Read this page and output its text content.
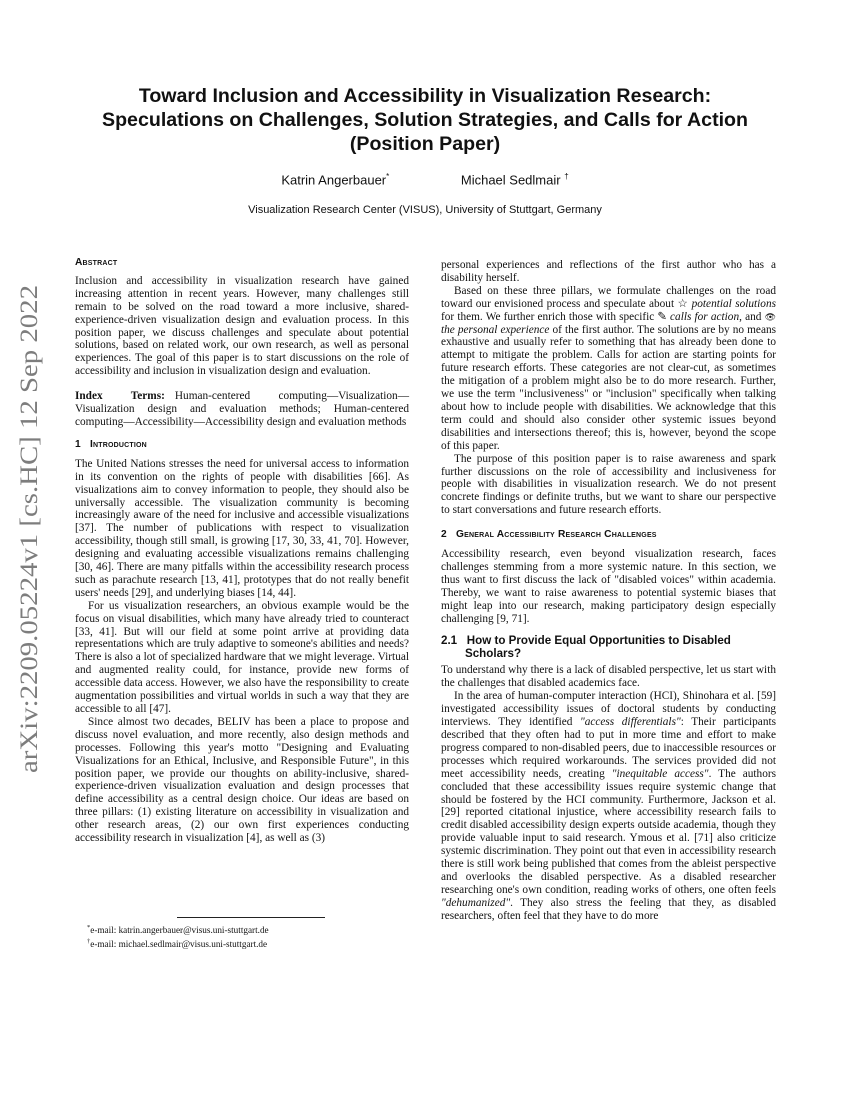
arXiv:2209.05224v1 [cs.HC] 12 Sep 2022
Toward Inclusion and Accessibility in Visualization Research:
Speculations on Challenges, Solution Strategies, and Calls for Action
(Position Paper)
Katrin Angerbauer*	Michael Sedlmair †
Visualization Research Center (VISUS), University of Stuttgart, Germany
Abstract

Inclusion and accessibility in visualization research have gained increasing attention in recent years. However, many challenges still remain to be solved on the road toward a more inclusive, shared-experience-driven visualization design and evaluation process. In this position paper, we discuss challenges and speculate about potential solutions, based on related work, our own research, as well as personal experiences. The goal of this paper is to start discussions on the role of accessibility and inclusion in visualization design and evaluation.

Index Terms: Human-centered computing—Visualization—Visualization design and evaluation methods; Human-centered computing—Accessibility—Accessibility design and evaluation methods

1 Introduction

The United Nations stresses the need for universal access to information in its convention on the rights of people with disabilities [66]. As visualizations aim to convey information to people, they should also be universally accessible. The visualization community is becoming increasingly aware of the need for inclusive and accessible visualizations [37]. The number of publications with respect to visualization accessibility, though still small, is growing [17, 30, 33, 41, 70]. However, designing and evaluating accessible visualizations remains challenging [30, 46]. There are many pitfalls within the accessibility research process such as parachute research [13, 41], prototypes that do not really benefit users' needs [29], and underlying biases [14, 44].

For us visualization researchers, an obvious example would be the focus on visual disabilities, which many have already tried to counteract [33, 41]. But will our field at some point arrive at providing data representations which are truly adaptive to someone's abilities and needs? There is also a lot of specialized hardware that we might leverage. Virtual and augmented reality could, for instance, provide new forms of accessible data access. However, we also have the responsibility to create augmentation possibilities and virtual worlds in such a way that they are accessible to all [47].

Since almost two decades, BELIV has been a place to propose and discuss novel evaluation, and more recently, also design methods and processes. Following this year's motto "Designing and Evaluating Visualizations for an Ethical, Inclusive, and Responsible Future", in this position paper, we provide our thoughts on ability-inclusive, shared-experience-driven visualization evaluation and design processes that define accessibility as a central design choice. Our ideas are based on three pillars: (1) existing literature on accessibility in visualization and other research areas, (2) our own first experiences conducting accessibility research in visualization [4], as well as (3)

*e-mail: katrin.angerbauer@visus.uni-stuttgart.de
†e-mail: michael.sedlmair@visus.uni-stuttgart.de

personal experiences and reflections of the first author who has a disability herself.

Based on these three pillars, we formulate challenges on the road toward our envisioned process and speculate about ☆ potential solutions for them. We further enrich those with specific ✎ calls for action, and 👁 the personal experience of the first author. The solutions are by no means exhaustive and usually refer to something that has already been done to attempt to mitigate the problem. Calls for action are starting points for future research efforts. These categories are not clear-cut, as sometimes the mitigation of a problem might also be to do more research. Further, we use the term "inclusiveness" or "inclusion" specifically when talking about how to include people with disabilities. We acknowledge that this term could and should also consider other systemic issues beyond disabilities and intersections thereof; this is, however, beyond the scope of this paper.

The purpose of this position paper is to raise awareness and spark further discussions on the role of accessibility and inclusiveness for people with disabilities in visualization research. We do not present concrete findings or definite truths, but we want to share our perspective to start conversations and future research efforts.

2 General Accessibility Research Challenges

Accessibility research, even beyond visualization research, faces challenges stemming from a more systemic nature. In this section, we thus want to first discuss the lack of "disabled voices" within academia. Thereby, we want to raise awareness to potential systemic biases that might leap into our research, making participatory design especially challenging [9, 71].

2.1 How to Provide Equal Opportunities to Disabled Scholars?

To understand why there is a lack of disabled perspective, let us start with the challenges that disabled academics face.

In the area of human-computer interaction (HCI), Shinohara et al. [59] investigated accessibility issues of doctoral students by conducting interviews. They identified "access differentials": Their participants described that they often had to put in more time and effort to make progress compared to non-disabled peers, due to inaccessible resources or processes which required workarounds. The services provided did not meet accessibility needs, creating "inequitable access". The authors concluded that these accessibility issues require systemic change that should be fostered by the HCI community. Furthermore, Jackson et al. [29] reported citational injustice, where accessibility research fails to credit disabled accessibility design experts outside academia, though they provide valuable input to said research. Ymous et al. [71] also criticize systemic discrimination. They point out that even in accessibility research there is still work being published that comes from the ableist perspective and overlooks the disabled perspective. As a disabled researcher researching one's own condition, reading works of others, one often feels "dehumanized". They also stress the feeling that they, as disabled researchers, often feel that they have to do more
